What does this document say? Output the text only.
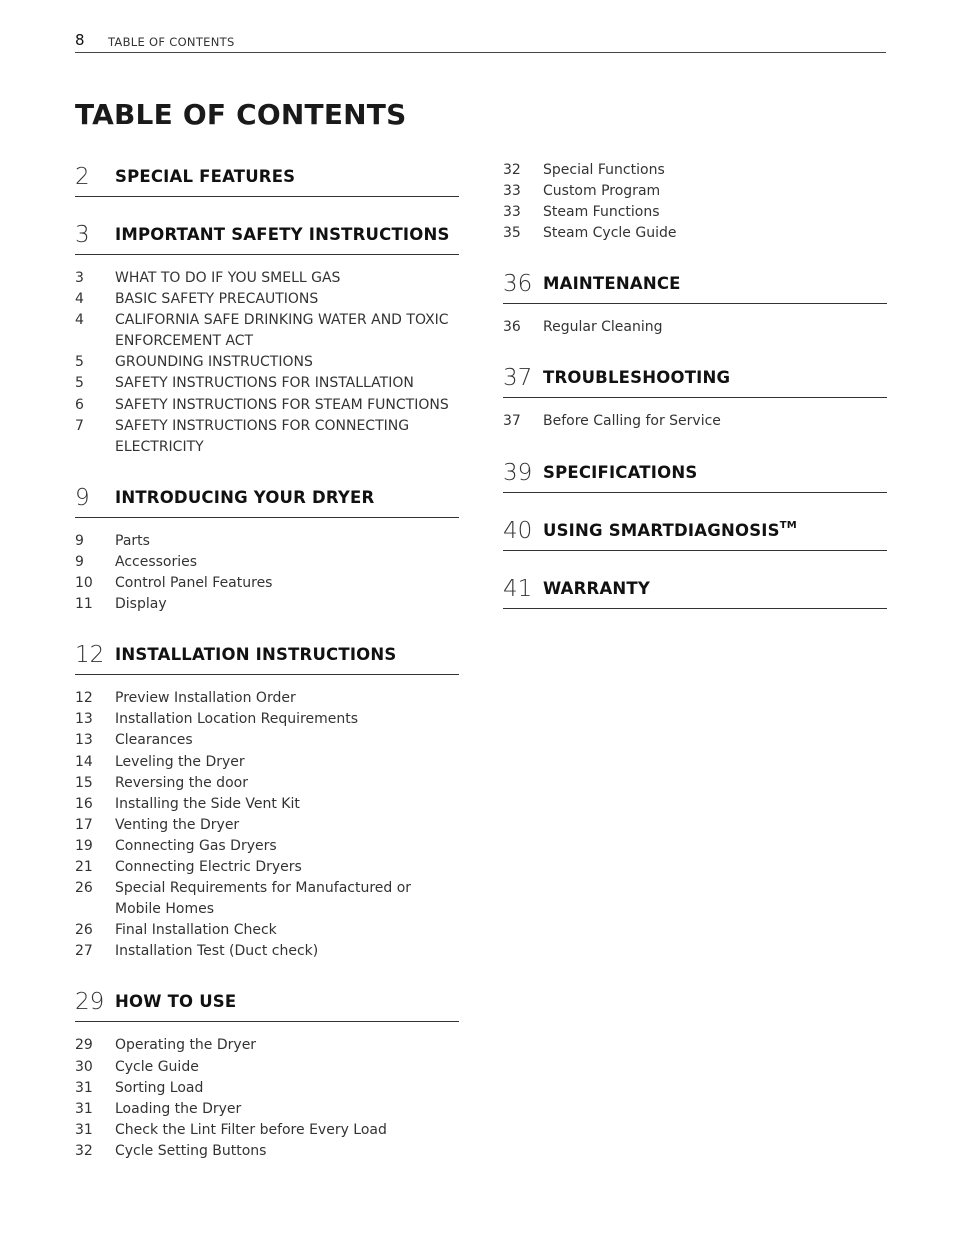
8 TABLE OF CONTENTS
TABLE OF CONTENTS
2	SPECIAL FEATURES
3	IMPORTANT SAFETY INSTRUCTIONS
3	WHAT TO DO IF YOU SMELL GAS
4	BASIC SAFETY PRECAUTIONS
4	CALIFORNIA SAFE DRINKING WATER AND TOXIC ENFORCEMENT ACT
5	GROUNDING INSTRUCTIONS
5	SAFETY INSTRUCTIONS FOR INSTALLATION
6	SAFETY INSTRUCTIONS FOR STEAM FUNCTIONS
7	SAFETY INSTRUCTIONS FOR CONNECTING ELECTRICITY
9	INTRODUCING YOUR DRYER
9	Parts
9	Accessories
10	Control Panel Features
11	Display
12 INSTALLATION INSTRUCTIONS
12	Preview Installation Order
13	Installation Location Requirements
13	Clearances
14	Leveling the Dryer
15	Reversing the door
16	Installing the Side Vent Kit
17	Venting the Dryer
19	Connecting Gas Dryers
21	Connecting Electric Dryers
26	Special Requirements for Manufactured or Mobile Homes
26	Final Installation Check
27	Installation Test (Duct check)
29 HOW TO USE
29	Operating the Dryer
30	Cycle Guide
31	Sorting Load
31	Loading the Dryer
31	Check the Lint Filter before Every Load
32	Cycle Setting Buttons
32	Special Functions
33	Custom Program
33	Steam Functions
35	Steam Cycle Guide
36 MAINTENANCE
36	Regular Cleaning
37 TROUBLESHOOTING
37	Before Calling for Service
39 SPECIFICATIONS
40 USING SMARTDIAGNOSIS™
41 WARRANTY
